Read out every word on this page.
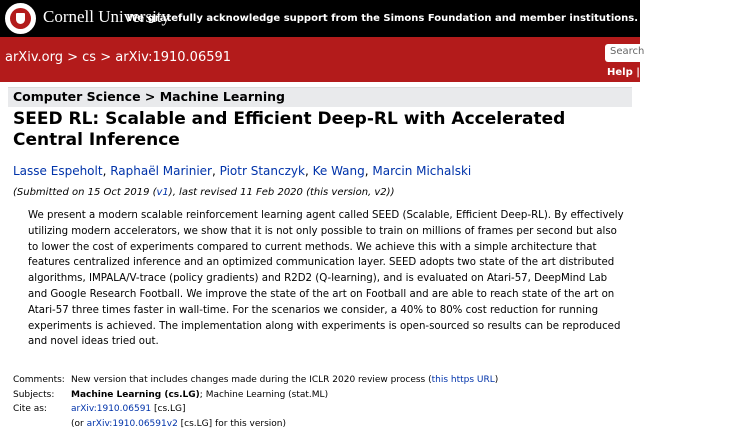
Cornell University
We gratefully acknowledge support from the Simons Foundation and member institutions.
arXiv.org > cs > arXiv:1910.06591	Search
Help | Advanced search
Computer Science > Machine Learning
SEED RL: Scalable and Efficient Deep-RL with Accelerated Central Inference
Lasse Espeholt, Raphaël Marinier, Piotr Stanczyk, Ke Wang, Marcin Michalski
(Submitted on 15 Oct 2019 (v1), last revised 11 Feb 2020 (this version, v2))
We present a modern scalable reinforcement learning agent called SEED (Scalable, Efficient Deep-RL). By effectively utilizing modern accelerators, we show that it is not only possible to train on millions of frames per second but also to lower the cost of experiments compared to current methods. We achieve this with a simple architecture that features centralized inference and an optimized communication layer. SEED adopts two state of the art distributed algorithms, IMPALA/V-trace (policy gradients) and R2D2 (Q-learning), and is evaluated on Atari-57, DeepMind Lab and Google Research Football. We improve the state of the art on Football and are able to reach state of the art on Atari-57 three times faster in wall-time. For the scenarios we consider, a 40% to 80% cost reduction for running experiments is achieved. The implementation along with experiments is open-sourced so results can be reproduced and novel ideas tried out.
Comments: New version that includes changes made during the ICLR 2020 review process (this https URL)
Subjects:	Machine Learning (cs.LG); Machine Learning (stat.ML)
Cite as:	arXiv:1910.06591 [cs.LG]
(or arXiv:1910.06591v2 [cs.LG] for this version)
